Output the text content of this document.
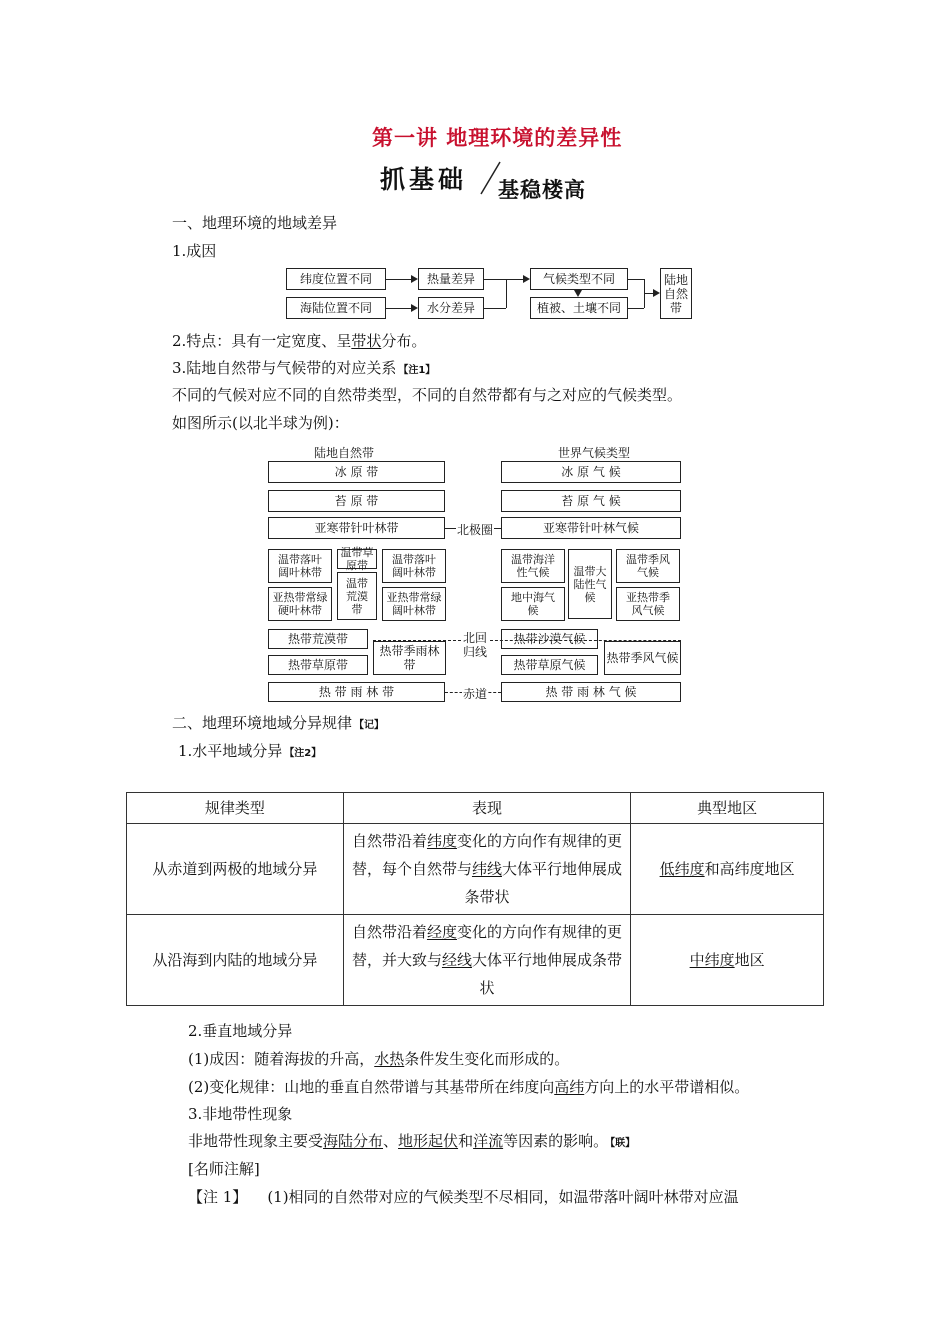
第一讲 地理环境的差异性
抓基础 基稳楼高
一、地理环境的地域差异
1.成因
纬度位置不同
海陆位置不同
热量差异
水分差异
气候类型不同
植被、土壤不同
陆地自然带
2.特点：具有一定宽度、呈带状分布。
3.陆地自然带与气候带的对应关系 【注1】
不同的气候对应不同的自然带类型，不同的自然带都有与之对应的气候类型。
如图所示(以北半球为例)：
陆地自然带	世界气候类型
冰 原 带	冰 原 气 候
苔 原 带	苔 原 气 候
亚寒带针叶林带	亚寒带针叶林气候
北极圈
温带落叶阔叶林带
温带草原带
温带荒漠带
温带落叶阔叶林带
亚热带常绿硬叶林带
亚热带常绿阔叶林带
温带海洋性气候	温带大陆性气候
温带季风气候
地中海气候
亚热带季风气候
热带荒漠带
热带草原带
热带季雨林带
热带沙漠气候
热带草原气候	热带季风气候
北回归线
热 带 雨 林 带	热 带 雨 林 气 候
赤道
二、地理环境地域分异规律 【记】
1.水平地域分异 【注2】
规律类型	表现	典型地区
从赤道到两极的地域分异	自然带沿着纬度变化的方向作有规律的更替，每个自然带与纬线大体平行地伸展成条带状	低纬度和高纬度地区
从沿海到内陆的地域分异	自然带沿着经度变化的方向作有规律的更替，并大致与经线大体平行地伸展成条带状	中纬度地区
2.垂直地域分异
(1)成因：随着海拔的升高，水热条件发生变化而形成的。
(2)变化规律：山地的垂直自然带谱与其基带所在纬度向高纬方向上的水平带谱相似。
3.非地带性现象
非地带性现象主要受海陆分布、地形起伏和洋流等因素的影响。 【联】
[名师注解]
【注 1】 (1)相同的自然带对应的气候类型不尽相同，如温带落叶阔叶林带对应温
